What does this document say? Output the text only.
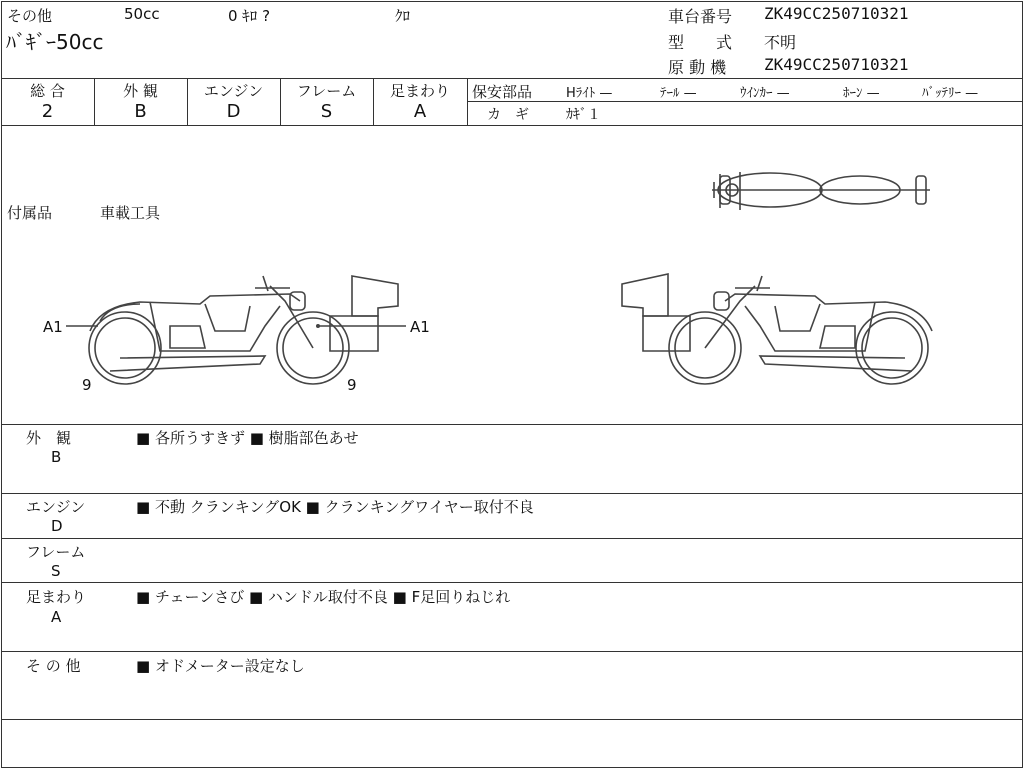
その他	50cc	0 ｷﾛ ?	ｸﾛ
ﾊﾞｷﾞｰ50cc
車台番号 ZK49CC250710321
型　　式 不明
原 動 機 ZK49CC250710321
総 合	外 観	エンジン	フレーム	足まわり
2	B	D	S	A
保安部品	Hﾗｲﾄ —	ﾃｰﾙ —	ｳｲﾝｶｰ —	ﾎｰﾝ —	ﾊﾞｯﾃﾘｰ —
カ　ギ	ｶｷﾞ１
付属品	車載工具
A1	A1
9	9
外　観
B
■ 各所うすきず ■ 樹脂部色あせ
エンジン
D
■ 不動 クランキングOK ■ クランキングワイヤー取付不良
フレーム
S
足まわり
A
■ チェーンさび ■ ハンドル取付不良 ■ F足回りねじれ
そ の 他	■ オドメーター設定なし
